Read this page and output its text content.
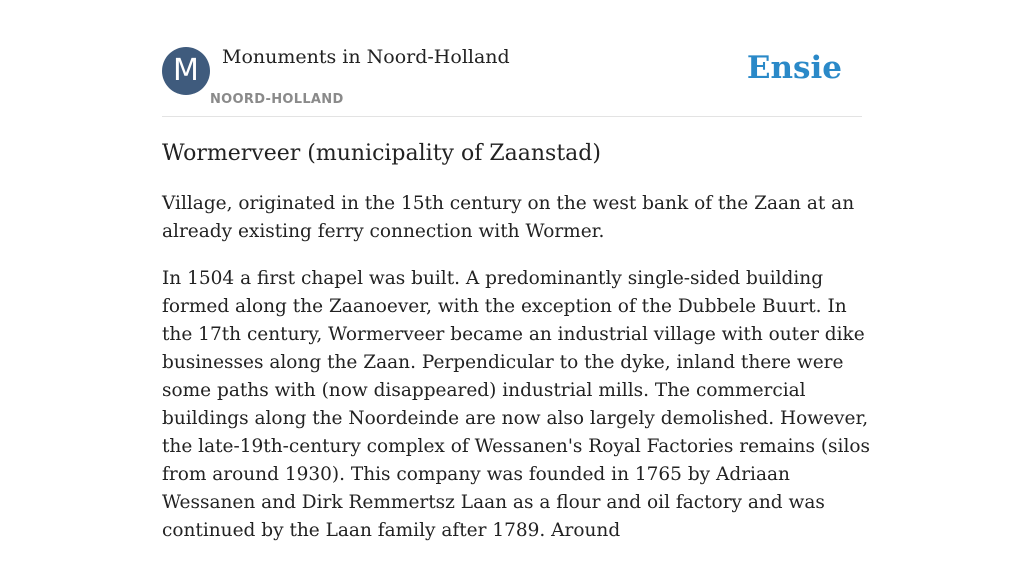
M	Monuments in Noord-Holland
NOORD-HOLLAND
Ensie
Wormerveer (municipality of Zaanstad)

Village, originated in the 15th century on the west bank of the Zaan at an already existing ferry connection with Wormer.

In 1504 a first chapel was built. A predominantly single-sided building formed along the Zaanoever, with the exception of the Dubbele Buurt. In the 17th century, Wormerveer became an industrial village with outer dike businesses along the Zaan. Perpendicular to the dyke, inland there were some paths with (now disappeared) industrial mills. The commercial buildings along the Noordeinde are now also largely demolished. However, the late-19th-century complex of Wessanen's Royal Factories remains (silos from around 1930). This company was founded in 1765 by Adriaan Wessanen and Dirk Remmertsz Laan as a flour and oil factory and was continued by the Laan family after 1789. Around
